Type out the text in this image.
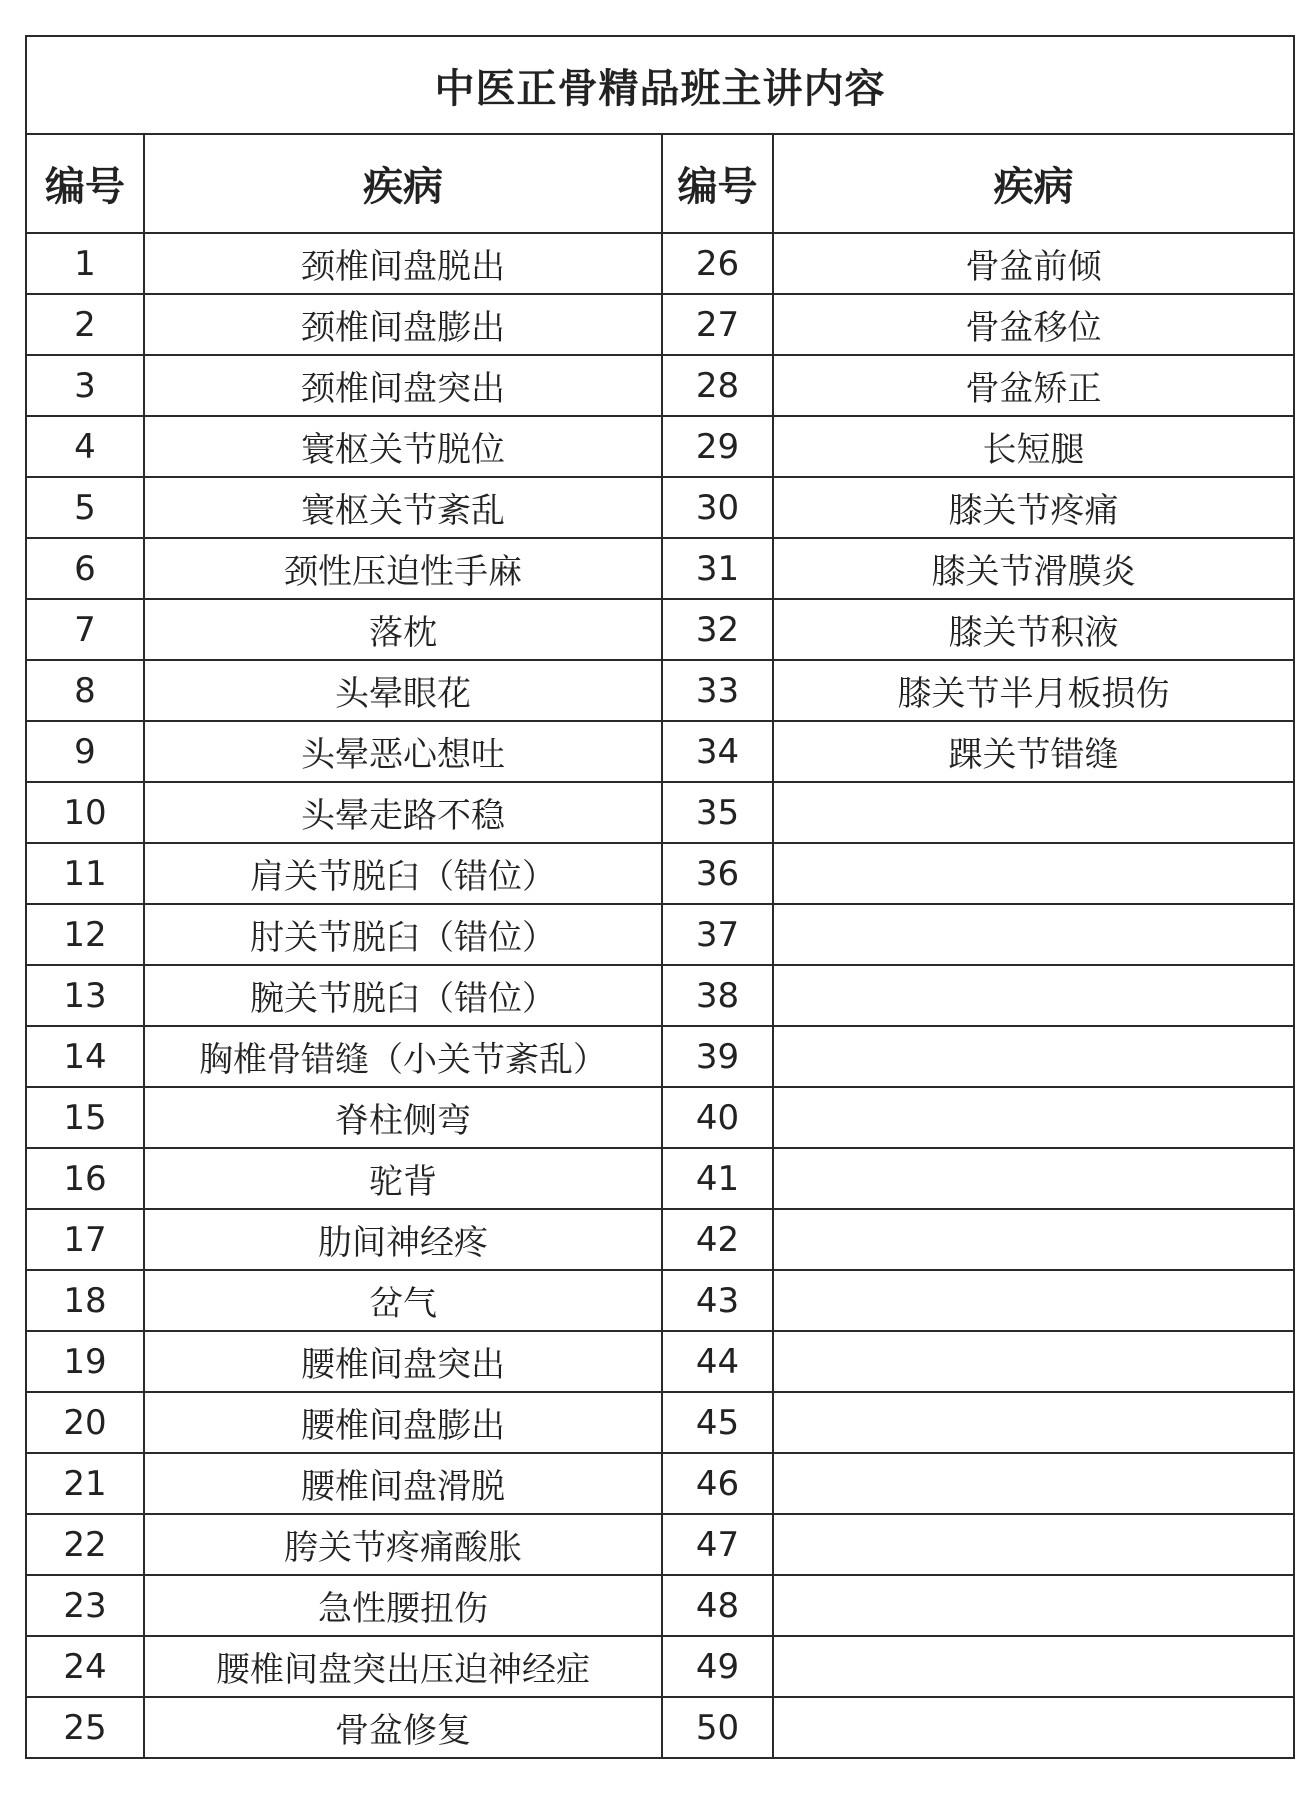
中医正骨精品班主讲内容			
编号	疾病	编号	疾病
1	颈椎间盘脱出	26	骨盆前倾
2	颈椎间盘膨出	27	骨盆移位
3	颈椎间盘突出	28	骨盆矫正
4	寰枢关节脱位	29	长短腿
5	寰枢关节紊乱	30	膝关节疼痛
6	颈性压迫性手麻	31	膝关节滑膜炎
7	落枕	32	膝关节积液
8	头晕眼花	33	膝关节半月板损伤
9	头晕恶心想吐	34	踝关节错缝
10	头晕走路不稳	35	
11	肩关节脱臼（错位）	36	
12	肘关节脱臼（错位）	37	
13	腕关节脱臼（错位）	38	
14	胸椎骨错缝（小关节紊乱）	39	
15	脊柱侧弯	40	
16	驼背	41	
17	肋间神经疼	42	
18	岔气	43	
19	腰椎间盘突出	44	
20	腰椎间盘膨出	45	
21	腰椎间盘滑脱	46	
22	胯关节疼痛酸胀	47	
23	急性腰扭伤	48	
24	腰椎间盘突出压迫神经症	49	
25	骨盆修复	50	
